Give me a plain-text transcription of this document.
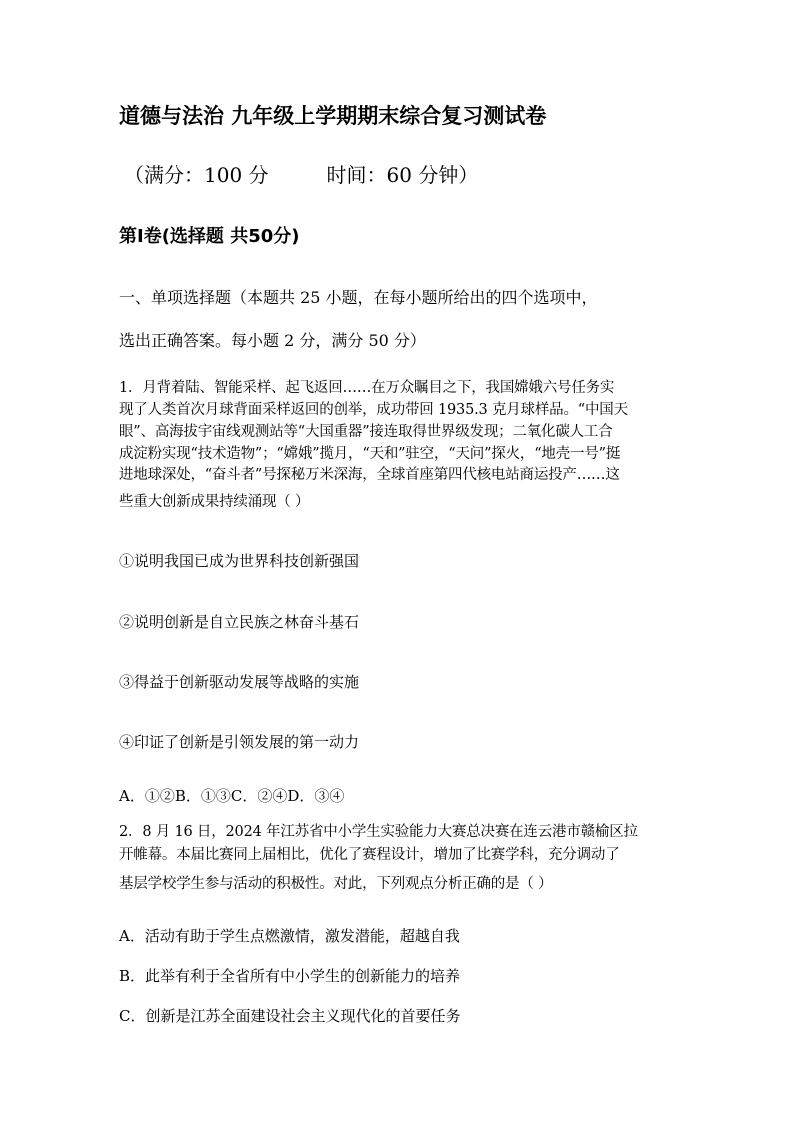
道德与法治 九年级上学期期末综合复习测试卷
（满分：100 分	时间：60 分钟）
第Ⅰ卷(选择题 共50分)
一、单项选择题（本题共 25 小题，在每小题所给出的四个选项中，
选出正确答案。每小题 2 分，满分 50 分）
1．月背着陆、智能采样、起飞返回……在万众瞩目之下，我国嫦娥六号任务实
现了人类首次月球背面采样返回的创举，成功带回 1935.3 克月球样品。“中国天
眼”、高海拔宇宙线观测站等“大国重器”接连取得世界级发现；二氧化碳人工合
成淀粉实现“技术造物”；“嫦娥”揽月，“天和”驻空，“天问”探火，“地壳一号”挺
进地球深处，“奋斗者”号探秘万米深海，全球首座第四代核电站商运投产……这
些重大创新成果持续涌现（ ）
①说明我国已成为世界科技创新强国
②说明创新是自立民族之林奋斗基石
③得益于创新驱动发展等战略的实施
④印证了创新是引领发展的第一动力
A．①②B．①③C．②④D．③④
2．8 月 16 日，2024 年江苏省中小学生实验能力大赛总决赛在连云港市赣榆区拉
开帷幕。本届比赛同上届相比，优化了赛程设计，增加了比赛学科，充分调动了
基层学校学生参与活动的积极性。对此，下列观点分析正确的是（ ）
A．活动有助于学生点燃激情，激发潜能，超越自我
B．此举有利于全省所有中小学生的创新能力的培养
C．创新是江苏全面建设社会主义现代化的首要任务
